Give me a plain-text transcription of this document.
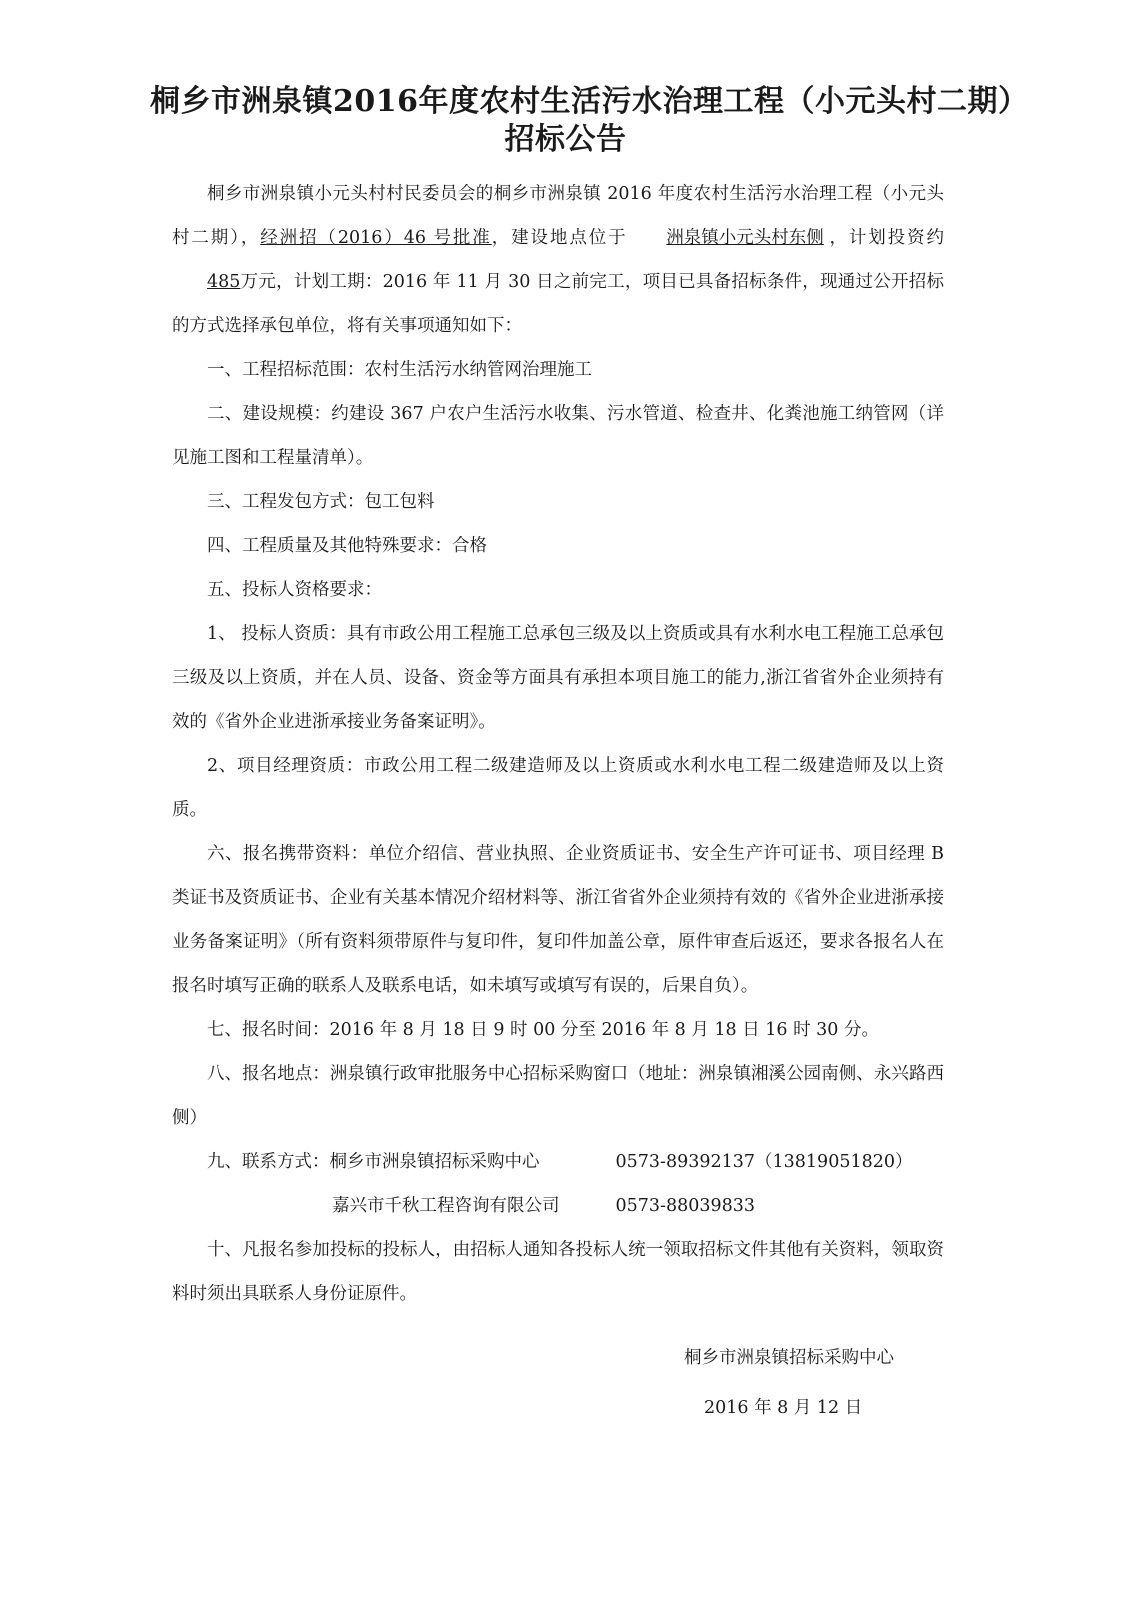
桐乡市洲泉镇2016年度农村生活污水治理工程（小元头村二期）
招标公告

桐乡市洲泉镇小元头村村民委员会的桐乡市洲泉镇 2016 年度农村生活污水治理工程（小元头村二期），经洲招（2016）46 号批准，建设地点位于 洲泉镇小元头村东侧 ，计划投资约485万元，计划工期：2016 年 11 月 30 日之前完工，项目已具备招标条件，现通过公开招标的方式选择承包单位，将有关事项通知如下：

一、工程招标范围：农村生活污水纳管网治理施工

二、建设规模：约建设 367 户农户生活污水收集、污水管道、检查井、化粪池施工纳管网（详见施工图和工程量清单）。

三、工程发包方式：包工包料

四、工程质量及其他特殊要求：合格

五、投标人资格要求：

1、 投标人资质：具有市政公用工程施工总承包三级及以上资质或具有水利水电工程施工总承包三级及以上资质，并在人员、设备、资金等方面具有承担本项目施工的能力,浙江省省外企业须持有效的《省外企业进浙承接业务备案证明》。

2、项目经理资质：市政公用工程二级建造师及以上资质或水利水电工程二级建造师及以上资质。

六、报名携带资料：单位介绍信、营业执照、企业资质证书、安全生产许可证书、项目经理 B 类证书及资质证书、企业有关基本情况介绍材料等、浙江省省外企业须持有效的《省外企业进浙承接业务备案证明》（所有资料须带原件与复印件，复印件加盖公章，原件审查后返还，要求各报名人在报名时填写正确的联系人及联系电话，如未填写或填写有误的，后果自负）。

七、报名时间：2016 年 8 月 18 日 9 时 00 分至 2016 年 8 月 18 日 16 时 30 分。

八、报名地点：洲泉镇行政审批服务中心招标采购窗口（地址：洲泉镇湘溪公园南侧、永兴路西侧）

九、联系方式：桐乡市洲泉镇招标采购中心	0573-89392137（13819051820）

嘉兴市千秋工程咨询有限公司	0573-88039833

十、凡报名参加投标的投标人，由招标人通知各投标人统一领取招标文件其他有关资料，领取资料时须出具联系人身份证原件。

桐乡市洲泉镇招标采购中心
2016 年 8 月 12 日
